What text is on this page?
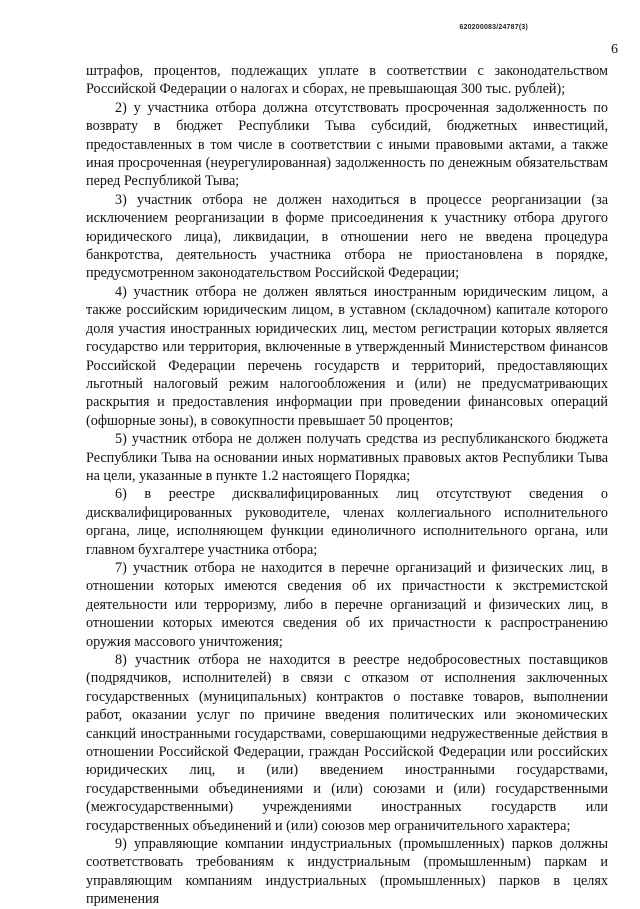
620200083/24787(3)
6

штрафов, процентов, подлежащих уплате в соответствии с законодательством Российской Федерации о налогах и сборах, не превышающая 300 тыс. рублей);

2) у участника отбора должна отсутствовать просроченная задолженность по возврату в бюджет Республики Тыва субсидий, бюджетных инвестиций, предоставленных в том числе в соответствии с иными правовыми актами, а также иная просроченная (неурегулированная) задолженность по денежным обязательствам перед Республикой Тыва;

3) участник отбора не должен находиться в процессе реорганизации (за исключением реорганизации в форме присоединения к участнику отбора другого юридического лица), ликвидации, в отношении него не введена процедура банкротства, деятельность участника отбора не приостановлена в порядке, предусмотренном законодательством Российской Федерации;

4) участник отбора не должен являться иностранным юридическим лицом, а также российским юридическим лицом, в уставном (складочном) капитале которого доля участия иностранных юридических лиц, местом регистрации которых является государство или территория, включенные в утвержденный Министерством финансов Российской Федерации перечень государств и территорий, предоставляющих льготный налоговый режим налогообложения и (или) не предусматривающих раскрытия и предоставления информации при проведении финансовых операций (офшорные зоны), в совокупности превышает 50 процентов;

5) участник отбора не должен получать средства из республиканского бюджета Республики Тыва на основании иных нормативных правовых актов Республики Тыва на цели, указанные в пункте 1.2 настоящего Порядка;

6) в реестре дисквалифицированных лиц отсутствуют сведения о дисквалифицированных руководителе, членах коллегиального исполнительного органа, лице, исполняющем функции единоличного исполнительного органа, или главном бухгалтере участника отбора;

7) участник отбора не находится в перечне организаций и физических лиц, в отношении которых имеются сведения об их причастности к экстремистской деятельности или терроризму, либо в перечне организаций и физических лиц, в отношении которых имеются сведения об их причастности к распространению оружия массового уничтожения;

8) участник отбора не находится в реестре недобросовестных поставщиков (подрядчиков, исполнителей) в связи с отказом от исполнения заключенных государственных (муниципальных) контрактов о поставке товаров, выполнении работ, оказании услуг по причине введения политических или экономических санкций иностранными государствами, совершающими недружественные действия в отношении Российской Федерации, граждан Российской Федерации или российских юридических лиц, и (или) введением иностранными государствами, государственными объединениями и (или) союзами и (или) государственными (межгосударственными) учреждениями иностранных государств или государственных объединений и (или) союзов мер ограничительного характера;

9) управляющие компании индустриальных (промышленных) парков должны соответствовать требованиям к индустриальным (промышленным) паркам и управляющим компаниям индустриальных (промышленных) парков в целях применения
